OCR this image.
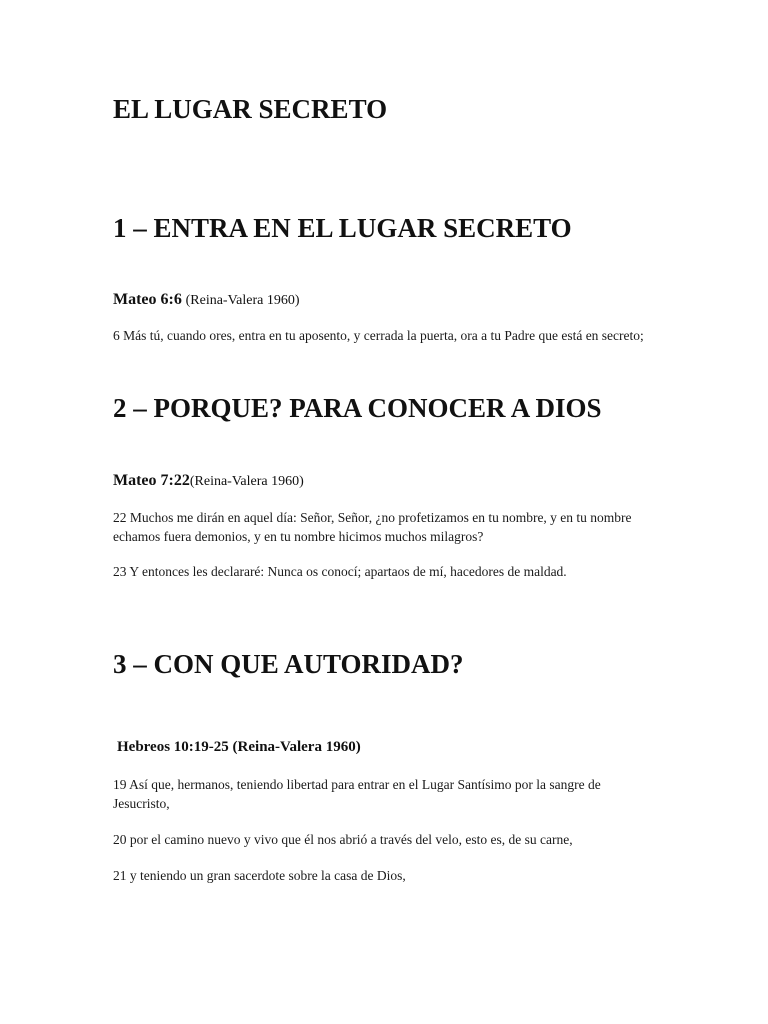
EL LUGAR SECRETO
1 – ENTRA EN EL LUGAR SECRETO

Mateo 6:6 (Reina-Valera 1960)

6 Más tú, cuando ores, entra en tu aposento, y cerrada la puerta, ora a tu Padre que está en secreto;

2 – PORQUE? PARA CONOCER A DIOS

Mateo 7:22(Reina-Valera 1960)

22 Muchos me dirán en aquel día: Señor, Señor, ¿no profetizamos en tu nombre, y en tu nombre echamos fuera demonios, y en tu nombre hicimos muchos milagros?

23 Y entonces les declararé: Nunca os conocí; apartaos de mí, hacedores de maldad.

3 – CON QUE AUTORIDAD?

Hebreos 10:19-25 (Reina-Valera 1960)

19 Así que, hermanos, teniendo libertad para entrar en el Lugar Santísimo por la sangre de Jesucristo,

20 por el camino nuevo y vivo que él nos abrió a través del velo, esto es, de su carne,

21 y teniendo un gran sacerdote sobre la casa de Dios,
